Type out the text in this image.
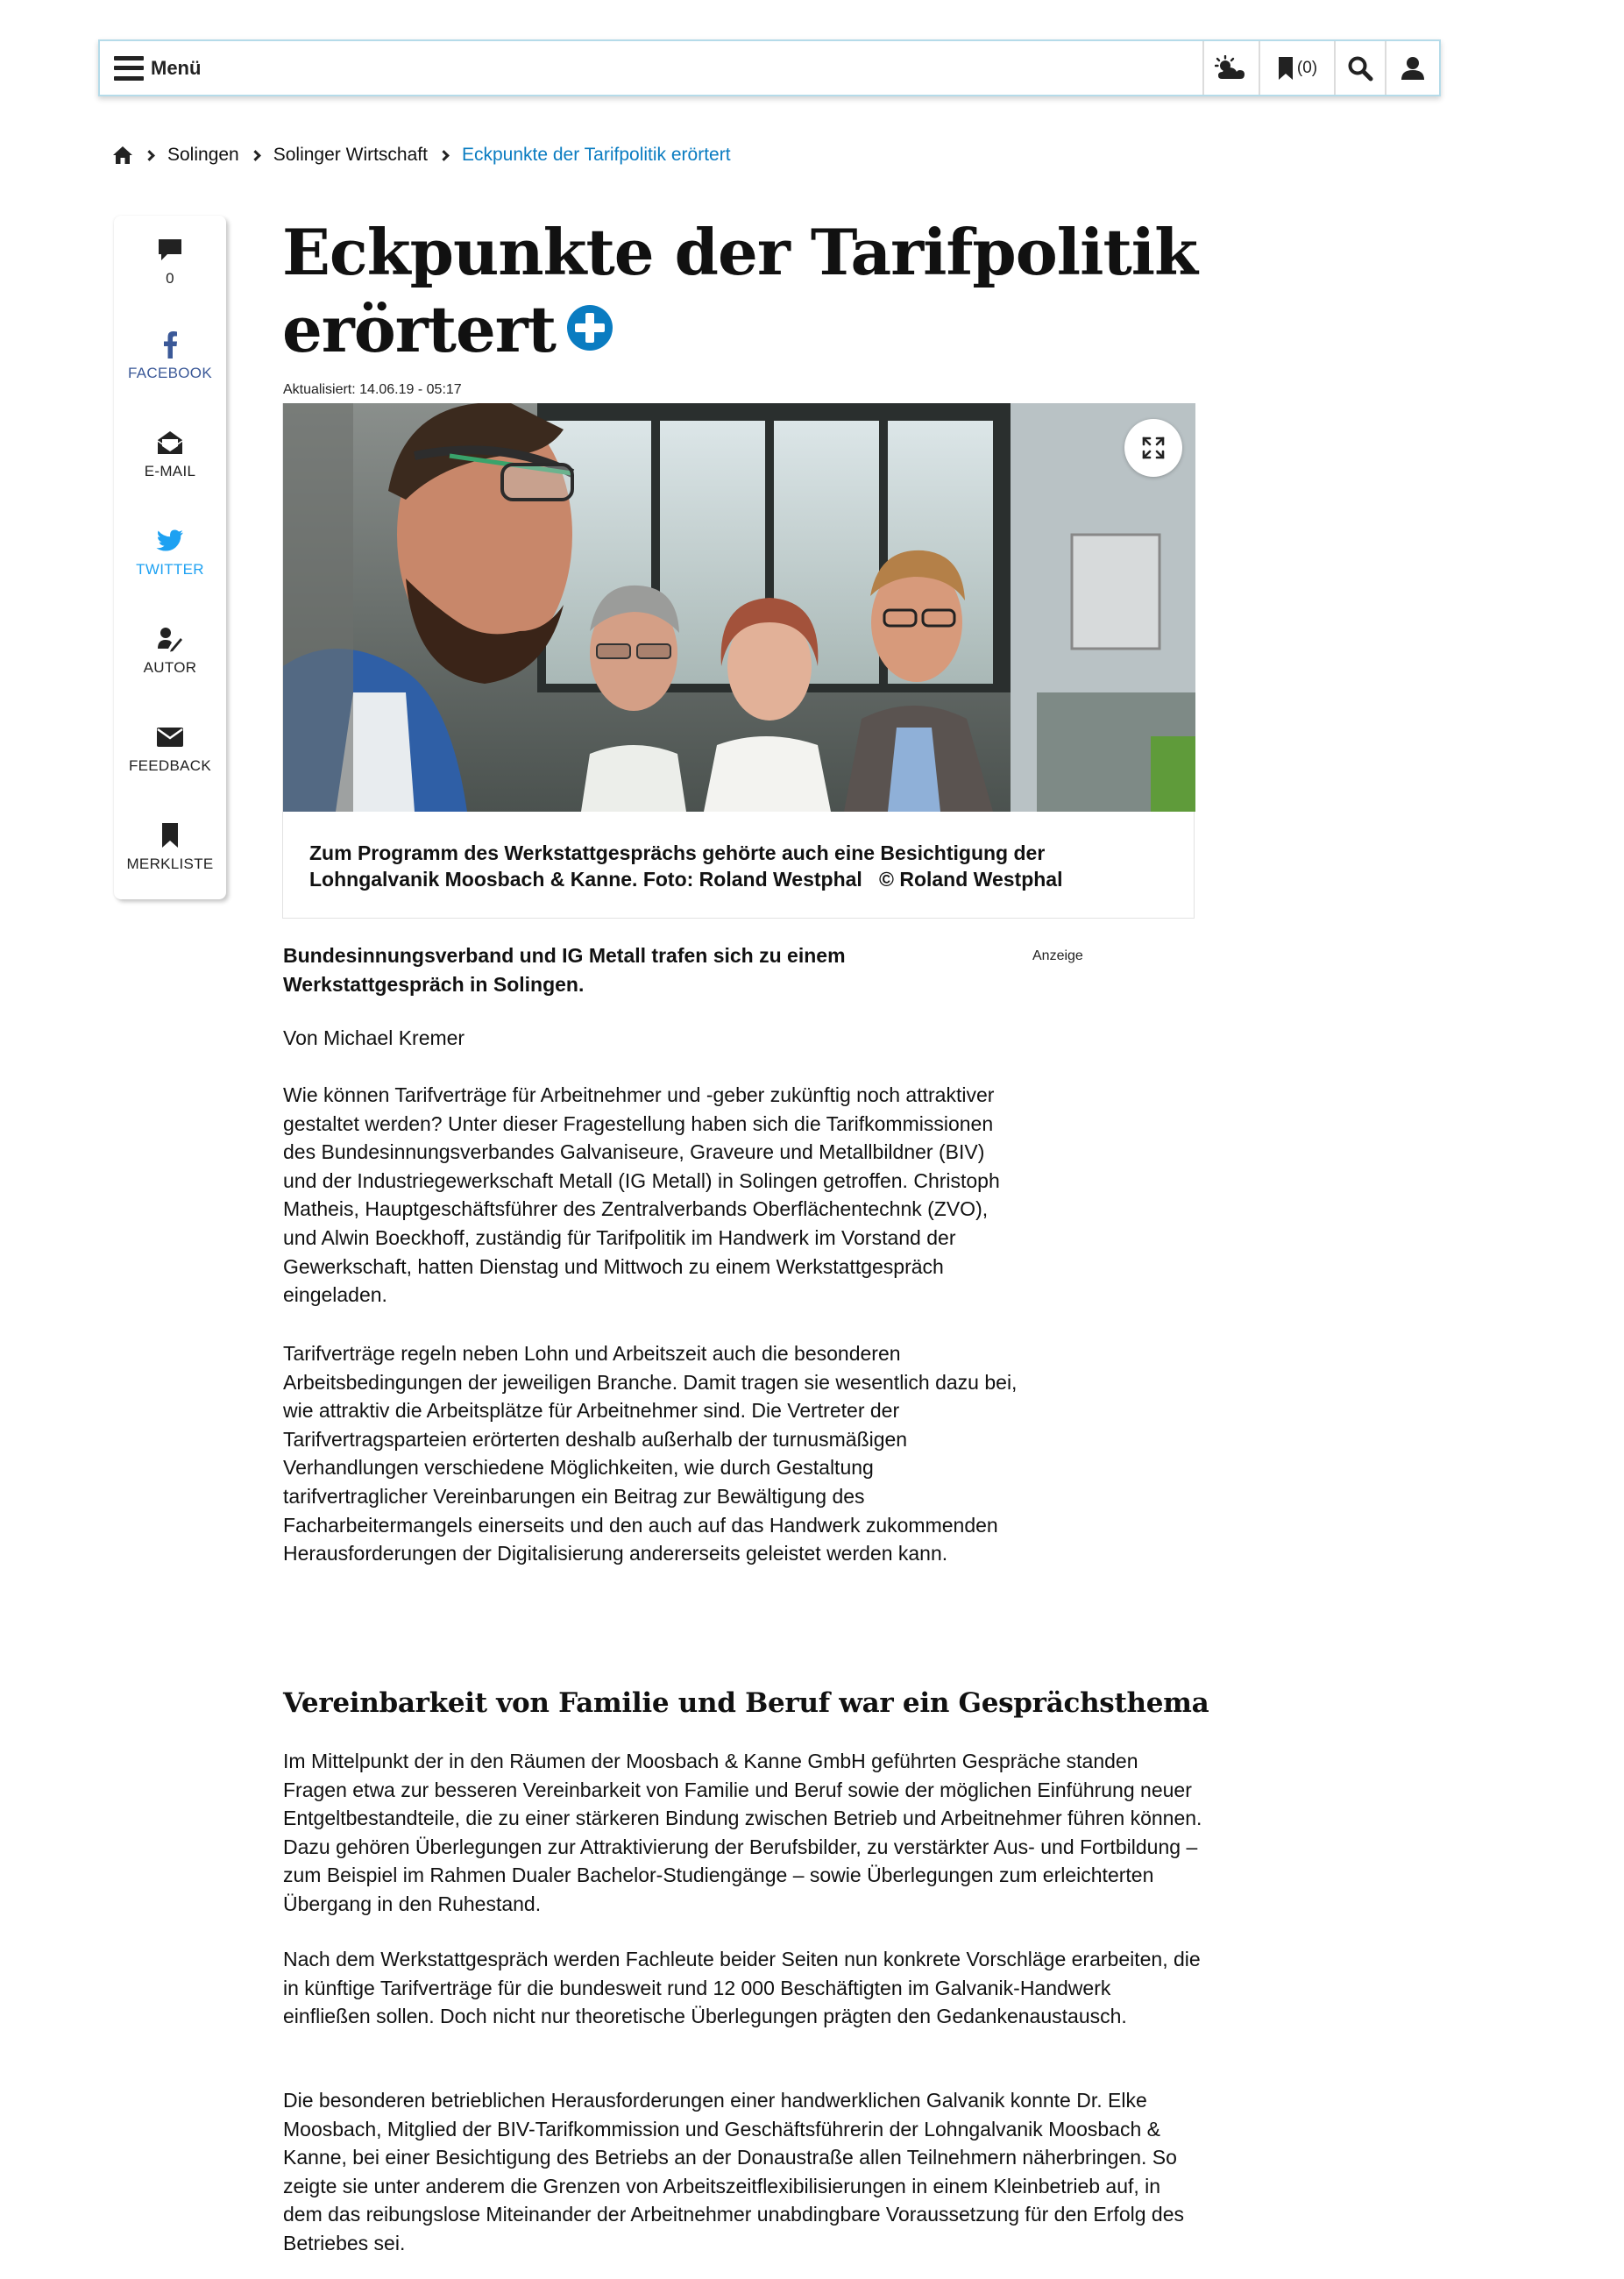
Menü	(0)
Solingen Solinger Wirtschaft Eckpunkte der Tarifpolitik erörtert
0
FACEBOOK
E-MAIL
TWITTER
AUTOR
FEEDBACK
MERKLISTE
Eckpunkte der Tarifpolitik erörtert
Aktualisiert: 14.06.19 - 05:17
Zum Programm des Werkstattgesprächs gehörte auch eine Besichtigung der Lohngalvanik Moosbach & Kanne. Foto: Roland Westphal   © Roland Westphal
Bundesinnungsverband und IG Metall trafen sich zu einem Werkstattgespräch in Solingen.
Anzeige
Von Michael Kremer

Wie können Tarifverträge für Arbeitnehmer und -geber zukünftig noch attraktiver gestaltet werden? Unter dieser Fragestellung haben sich die Tarifkommissionen des Bundesinnungsverbandes Galvaniseure, Graveure und Metallbildner (BIV) und der Industriegewerkschaft Metall (IG Metall) in Solingen getroffen. Christoph Matheis, Hauptgeschäftsführer des Zentralverbands Oberflächentechnk (ZVO), und Alwin Boeckhoff, zuständig für Tarifpolitik im Handwerk im Vorstand der Gewerkschaft, hatten Dienstag und Mittwoch zu einem Werkstattgespräch eingeladen.

Tarifverträge regeln neben Lohn und Arbeitszeit auch die besonderen Arbeitsbedingungen der jeweiligen Branche. Damit tragen sie wesentlich dazu bei, wie attraktiv die Arbeitsplätze für Arbeitnehmer sind. Die Vertreter der Tarifvertragsparteien erörterten deshalb außerhalb der turnusmäßigen Verhandlungen verschiedene Möglichkeiten, wie durch Gestaltung tarifvertraglicher Vereinbarungen ein Beitrag zur Bewältigung des Facharbeitermangels einerseits und den auch auf das Handwerk zukommenden Herausforderungen der Digitalisierung andererseits geleistet werden kann.

Vereinbarkeit von Familie und Beruf war ein Gesprächsthema

Im Mittelpunkt der in den Räumen der Moosbach & Kanne GmbH geführten Gespräche standen Fragen etwa zur besseren Vereinbarkeit von Familie und Beruf sowie der möglichen Einführung neuer Entgeltbestandteile, die zu einer stärkeren Bindung zwischen Betrieb und Arbeitnehmer führen können. Dazu gehören Überlegungen zur Attraktivierung der Berufsbilder, zu verstärkter Aus- und Fortbildung – zum Beispiel im Rahmen Dualer Bachelor-Studiengänge – sowie Überlegungen zum erleichterten Übergang in den Ruhestand.

Nach dem Werkstattgespräch werden Fachleute beider Seiten nun konkrete Vorschläge erarbeiten, die in künftige Tarifverträge für die bundesweit rund 12 000 Beschäftigten im Galvanik-Handwerk einfließen sollen. Doch nicht nur theoretische Überlegungen prägten den Gedankenaustausch.

Die besonderen betrieblichen Herausforderungen einer handwerklichen Galvanik konnte Dr. Elke Moosbach, Mitglied der BIV-Tarifkommission und Geschäftsführerin der Lohngalvanik Moosbach & Kanne, bei einer Besichtigung des Betriebs an der Donaustraße allen Teilnehmern näherbringen. So zeigte sie unter anderem die Grenzen von Arbeitszeitflexibilisierungen in einem Kleinbetrieb auf, in dem das reibungslose Miteinander der Arbeitnehmer unabdingbare Voraussetzung für den Erfolg des Betriebes sei.
